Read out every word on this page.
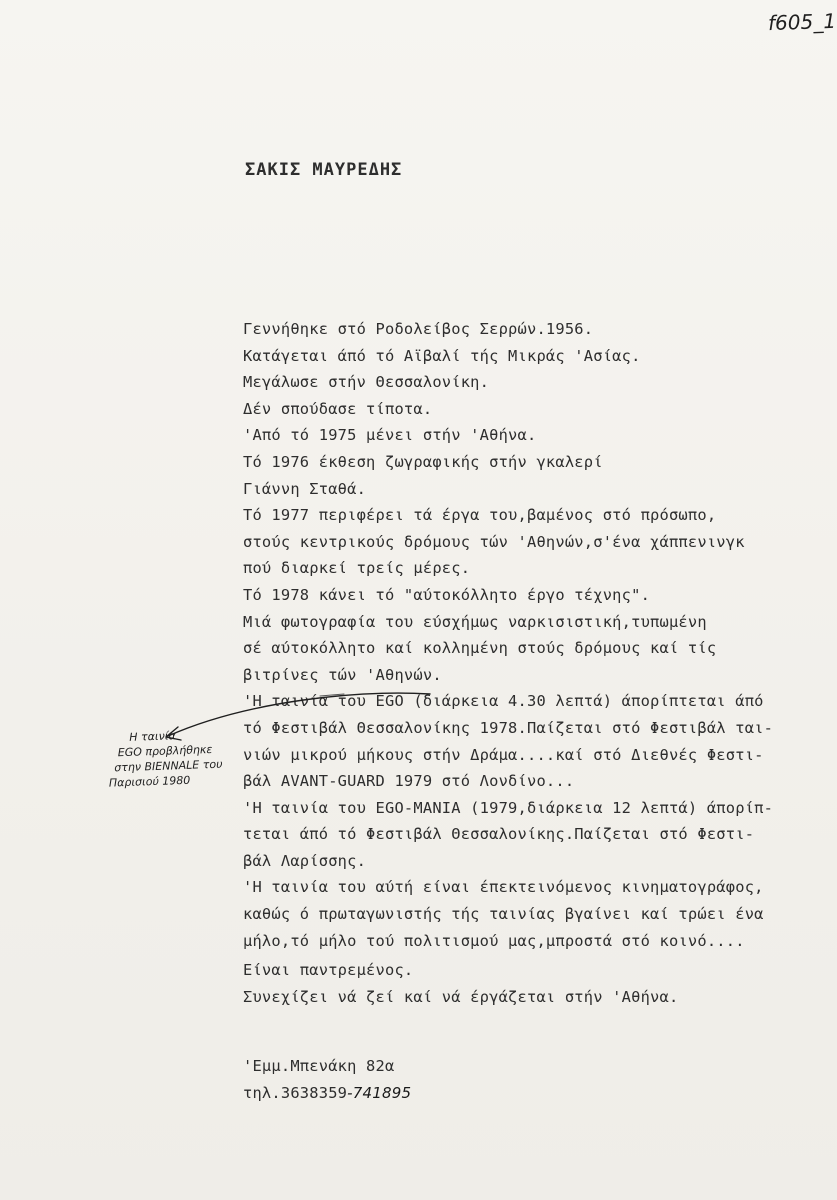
f605_1
ΣΑΚΙΣ ΜΑΥΡΕΔΗΣ
Γεννήθηκε στό Ροδολείβος Σερρών.1956.
Κατάγεται άπό τό Αϊβαλί τής Μικράς 'Ασίας.
Μεγάλωσε στήν Θεσσαλονίκη.
Δέν σπούδασε τίποτα.
'Από τό 1975 μένει στήν 'Αθήνα.
Τό 1976 έκθεση ζωγραφικής στήν γκαλερί
Γιάννη Σταθά.
Τό 1977 περιφέρει τά έργα του,βαμένος στό πρόσωπο,
στούς κεντρικούς δρόμους τών 'Αθηνών,σ'ένα χάππενινγκ
πού διαρκεί τρείς μέρες.
Τό 1978 κάνει τό "αύτοκόλλητο έργο τέχνης".
Μιά φωτογραφία του εύσχήμως ναρκισιστική,τυπωμένη
σέ αύτοκόλλητο καί κολλημένη στούς δρόμους καί τίς
βιτρίνες τών 'Αθηνών.
'Η ταινία του EGO (διάρκεια 4.30 λεπτά) άπορίπτεται άπό
τό Φεστιβάλ Θεσσαλονίκης 1978.Παίζεται στό Φεστιβάλ ται-
νιών μικρού μήκους στήν Δράμα....καί στό Διεθνές Φεστι-
βάλ AVANT-GUARD 1979 στό Λονδίνο...
'Η ταινία του EGO-MANIA (1979,διάρκεια 12 λεπτά) άπορίπ-
τεται άπό τό Φεστιβάλ Θεσσαλονίκης.Παίζεται στό Φεστι-
βάλ Λαρίσσης.
'Η ταινία του αύτή είναι έπεκτεινόμενος κινηματογράφος,
καθώς ό πρωταγωνιστής τής ταινίας βγαίνει καί τρώει ένα
μήλο,τό μήλο τού πολιτισμού μας,μπροστά στό κοινό....
Είναι παντρεμένος.
Συνεχίζει νά ζεί καί νά έργάζεται στήν 'Αθήνα.
'Εμμ.Μπενάκη 82α
τηλ.3638359-741895
Η ταινία
EGO προβλήθηκε
στην BIENNALE του
Παρισιού 1980
